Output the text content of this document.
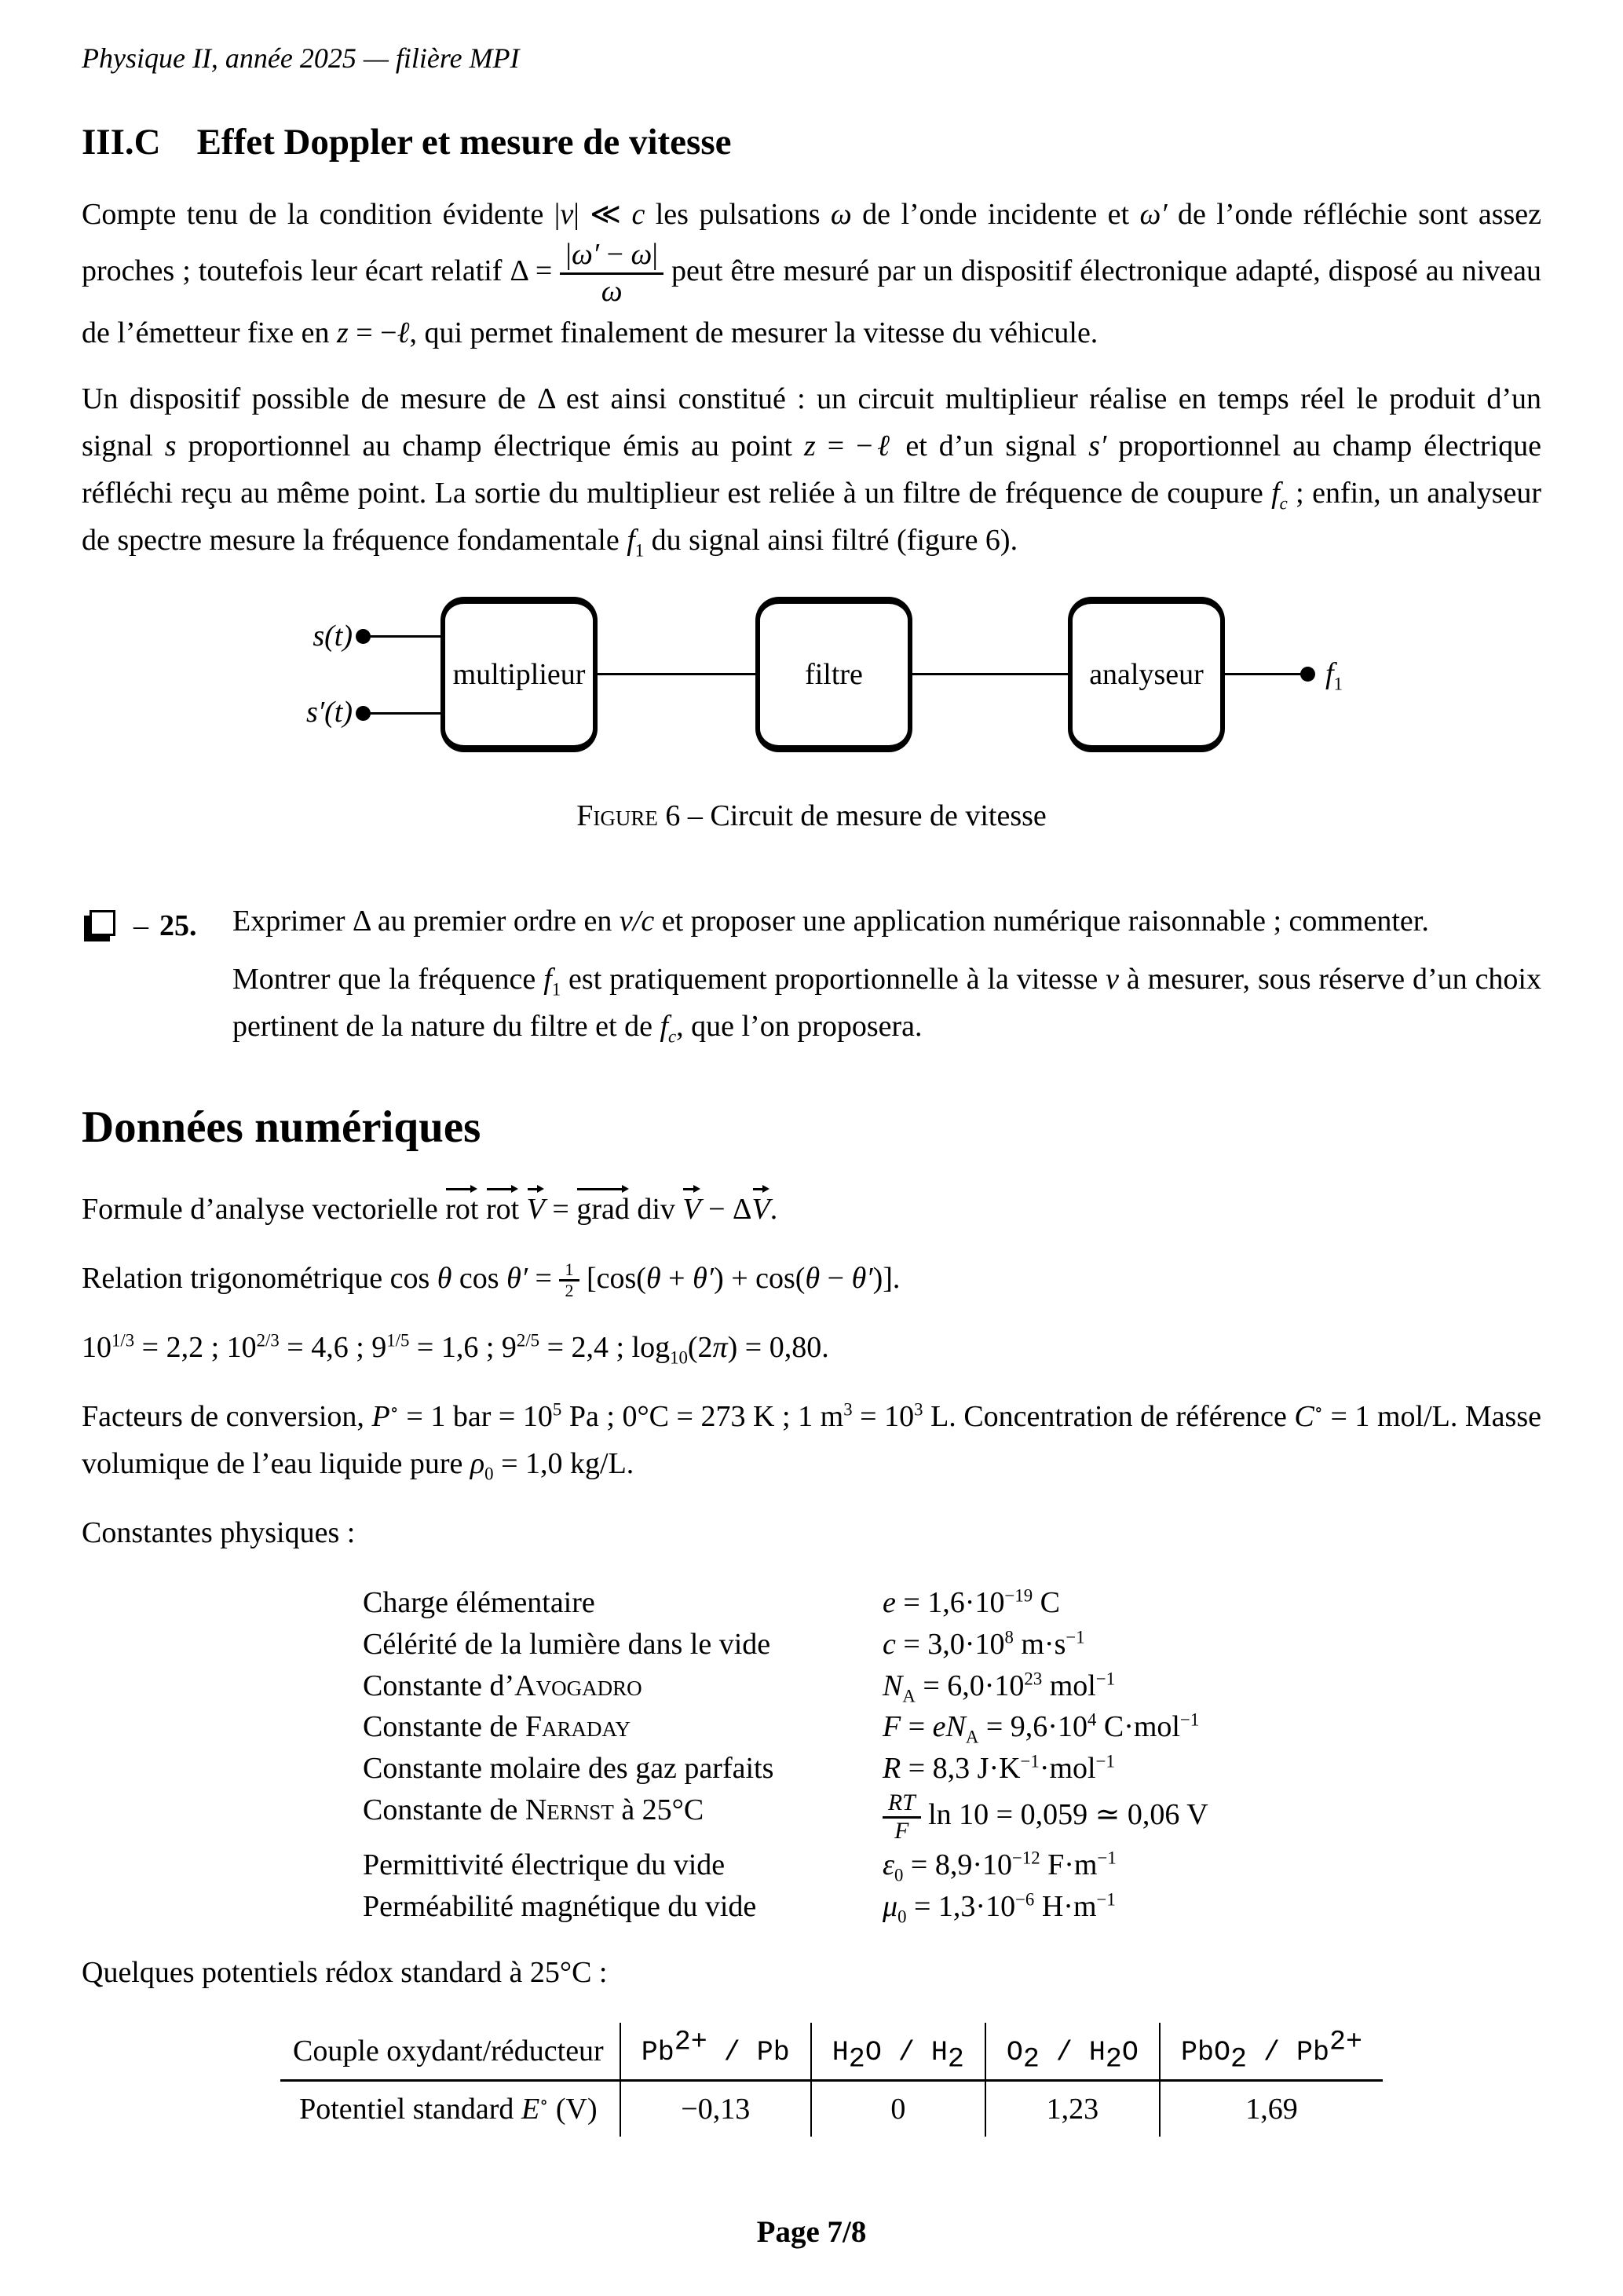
Physique II, année 2025 — filière MPI
III.C Effet Doppler et mesure de vitesse

Compte tenu de la condition évidente |v| ≪ c les pulsations ω de l’onde incidente et ω′ de l’onde réfléchie sont assez proches ; toutefois leur écart relatif $\Delta = \frac{|\omega' - \omega|}{\omega}$ peut être mesuré par un dispositif électronique adapté, disposé au niveau de l’émetteur fixe en z = −ℓ, qui permet finalement de mesurer la vitesse du véhicule.

Un dispositif possible de mesure de Δ est ainsi constitué : un circuit multiplieur réalise en temps réel le produit d’un signal s proportionnel au champ électrique émis au point z = −ℓ et d’un signal s′ proportionnel au champ électrique réfléchi reçu au même point. La sortie du multiplieur est reliée à un filtre de fréquence de coupure $f_c$ ; enfin, un analyseur de spectre mesure la fréquence fondamentale $f_1$ du signal ainsi filtré (figure 6).

s(t)
s′(t)
multiplieur	filtre	analyseur	$f_1$
Figure 6 – Circuit de mesure de vitesse
– 25. Exprimer Δ au premier ordre en v/c et proposer une application numérique raisonnable ; commenter.

Montrer que la fréquence $f_1$ est pratiquement proportionnelle à la vitesse v à mesurer, sous réserve d’un choix pertinent de la nature du filtre et de $f_c$, que l’on proposera.

Données numériques

Formule d’analyse vectorielle rot
rot
V = grad div V − Δ V .

Relation trigonométrique cos θ $\cos \theta' = \frac{1}{2} [\cos(\theta + \theta') + \cos(\theta - \theta')]$.

$10^{1/3} = 2,2$ ; $10^{2/3} = 4,6$ ; $9^{1/5} = 1,6$ ; $9^{2/5} = 2,4$ ; $\log_{10}(2\pi) = 0,80$.

Facteurs de conversion, P∘ = 1 bar = $10^5$ Pa ; 0°C = 273 K ; 1 $m^3 = 10^3$ L. Concentration de référence C∘ = 1 mol/L. Masse volumique de l’eau liquide pure $\rho_0 = 1,0$ kg/L.

Constantes physiques :

Charge élémentaire	$e = 1,6\cdot 10^{-19}$ C
Célérité de la lumière dans le vide	$c = 3,0\cdot 10^8$ $m\cdot s^{-1}$
Constante d’Avogadro	$N_A = 6,0\cdot 10^{23}$ mol$^{-1}$
Constante de Faraday	$F = eN_A = 9,6\cdot 10^4$ C·mol$^{-1}$
Constante molaire des gaz parfaits	R = 8,3 $J\cdot K^{-1}\cdot mol^{-1}$
Constante de Nernst à 25°C	$\frac{RT}{F}$ ln 10 = 0,059 ≃ 0,06 V
Permittivité électrique du vide	$\varepsilon_0 = 8,9\cdot 10^{-12}$ $F\cdot m^{-1}$
Perméabilité magnétique du vide	$\mu_0 = 1,3\cdot 10^{-6}$ $H\cdot m^{-1}$

Quelques potentiels rédox standard à 25°C :

Couple oxydant/réducteur	Pb2+ / Pb	H2O / H2	O2 / H2O	PbO2 / Pb2+
Potentiel standard E∘ (V)	−0,13	0	1,23	1,69
Page 7/8
